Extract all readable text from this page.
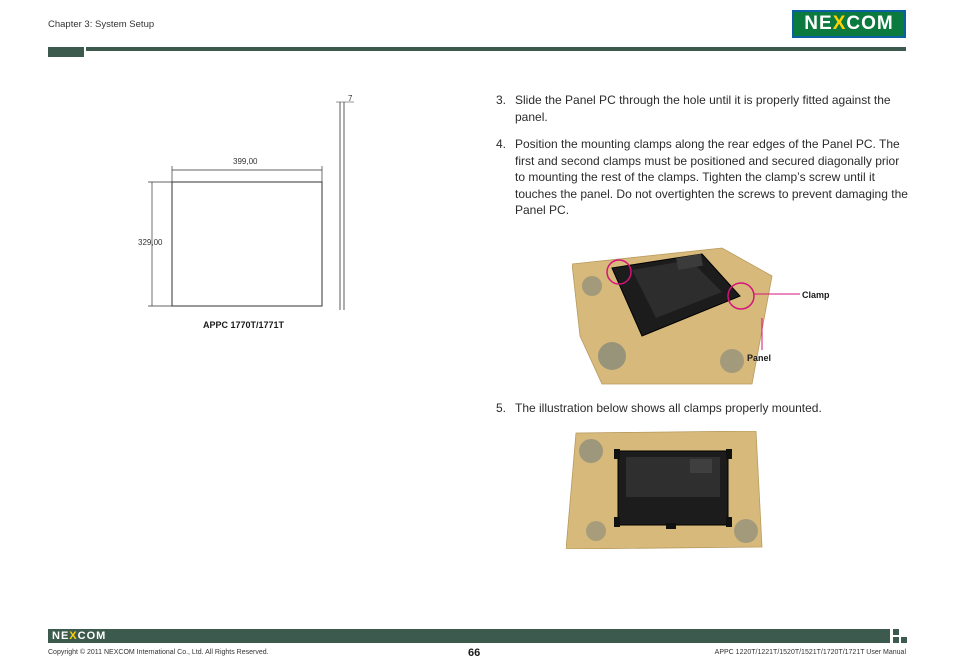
Chapter 3: System Setup	NE X COM
399,00
329,00
7
APPC 1770T/1771T
3. Slide the Panel PC through the hole until it is properly fitted against the panel.
4. Position the mounting clamps along the rear edges of the Panel PC. The first and second clamps must be positioned and secured diagonally prior to mounting the rest of the clamps. Tighten the clamp’s screw until it touches the panel. Do not overtighten the screws to prevent damaging the Panel PC.
5. The illustration below shows all clamps properly mounted.
Clamp
Panel
NEXCOM
Copyright © 2011 NEXCOM International Co., Ltd. All Rights Reserved.	66	APPC 1220T/1221T/1520T/1521T/1720T/1721T User Manual
